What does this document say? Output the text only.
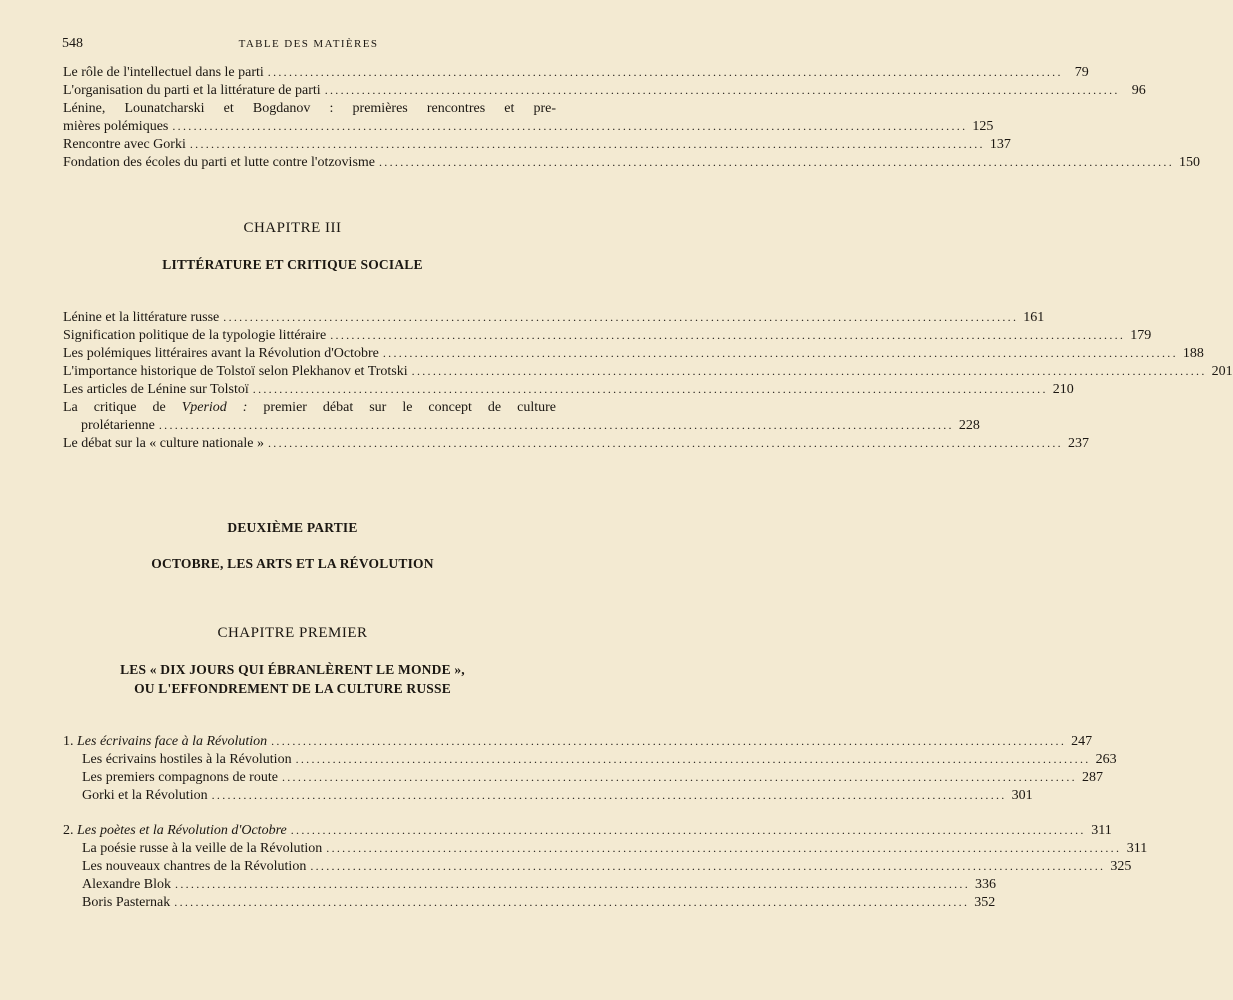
548	TABLE DES MATIÈRES
Le rôle de l'intellectuel dans le parti .....	79
L'organisation du parti et la littérature de parti .....	96
Lénine, Lounatcharski et Bogdanov : premières rencontres et pre-
mières polémiques .....	125
Rencontre avec Gorki .....	137
Fondation des écoles du parti et lutte contre l'otzovisme .....	150
CHAPITRE III
LITTÉRATURE ET CRITIQUE SOCIALE
Lénine et la littérature russe .....	161
Signification politique de la typologie littéraire .....	179
Les polémiques littéraires avant la Révolution d'Octobre .....	188
L'importance historique de Tolstoï selon Plekhanov et Trotski .....	201
Les articles de Lénine sur Tolstoï .....	210
La critique de Vperiod : premier débat sur le concept de culture
prolétarienne .....	228
Le débat sur la « culture nationale » .....	237
DEUXIÈME PARTIE
OCTOBRE, LES ARTS ET LA RÉVOLUTION
CHAPITRE PREMIER
LES « DIX JOURS QUI ÉBRANLÈRENT LE MONDE »,
OU L'EFFONDREMENT DE LA CULTURE RUSSE
1. Les écrivains face à la Révolution .....	247
Les écrivains hostiles à la Révolution .....	263
Les premiers compagnons de route .....	287
Gorki et la Révolution .....	301
2. Les poètes et la Révolution d'Octobre .....	311
La poésie russe à la veille de la Révolution .....	311
Les nouveaux chantres de la Révolution .....	325
Alexandre Blok .....	336
Boris Pasternak .....	352
